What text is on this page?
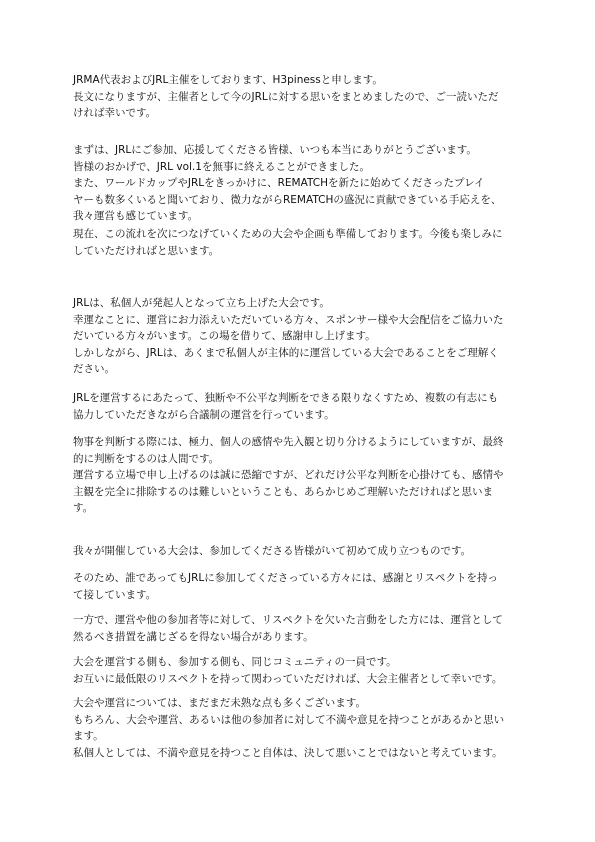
JRMA代表およびJRL主催をしております、H3pinessと申します。
長文になりますが、主催者として今のJRLに対する思いをまとめましたので、ご一読いただ
ければ幸いです。
まずは、JRLにご参加、応援してくださる皆様、いつも本当にありがとうございます。
皆様のおかげで、JRL vol.1を無事に終えることができました。
また、ワールドカップやJRLをきっかけに、REMATCHを新たに始めてくださったプレイ
ヤーも数多くいると聞いており、微力ながらREMATCHの盛況に貢献できている手応えを、
我々運営も感じています。
現在、この流れを次につなげていくための大会や企画も準備しております。今後も楽しみに
していただければと思います。
JRLは、私個人が発起人となって立ち上げた大会です。
幸運なことに、運営にお力添えいただいている方々、スポンサー様や大会配信をご協力いた
だいている方々がいます。この場を借りて、感謝申し上げます。
しかしながら、JRLは、あくまで私個人が主体的に運営している大会であることをご理解く
ださい。
JRLを運営するにあたって、独断や不公平な判断をできる限りなくすため、複数の有志にも
協力していただきながら合議制の運営を行っています。
物事を判断する際には、極力、個人の感情や先入観と切り分けるようにしていますが、最終
的に判断をするのは人間です。
運営する立場で申し上げるのは誠に恐縮ですが、どれだけ公平な判断を心掛けても、感情や
主観を完全に排除するのは難しいということも、あらかじめご理解いただければと思いま
す。
我々が開催している大会は、参加してくださる皆様がいて初めて成り立つものです。
そのため、誰であってもJRLに参加してくださっている方々には、感謝とリスペクトを持っ
て接しています。
一方で、運営や他の参加者等に対して、リスペクトを欠いた言動をした方には、運営として
然るべき措置を講じざるを得ない場合があります。
大会を運営する側も、参加する側も、同じコミュニティの一員です。
お互いに最低限のリスペクトを持って関わっていただければ、大会主催者として幸いです。
大会や運営については、まだまだ未熟な点も多くございます。
もちろん、大会や運営、あるいは他の参加者に対して不満や意見を持つことがあるかと思い
ます。
私個人としては、不満や意見を持つこと自体は、決して悪いことではないと考えています。
